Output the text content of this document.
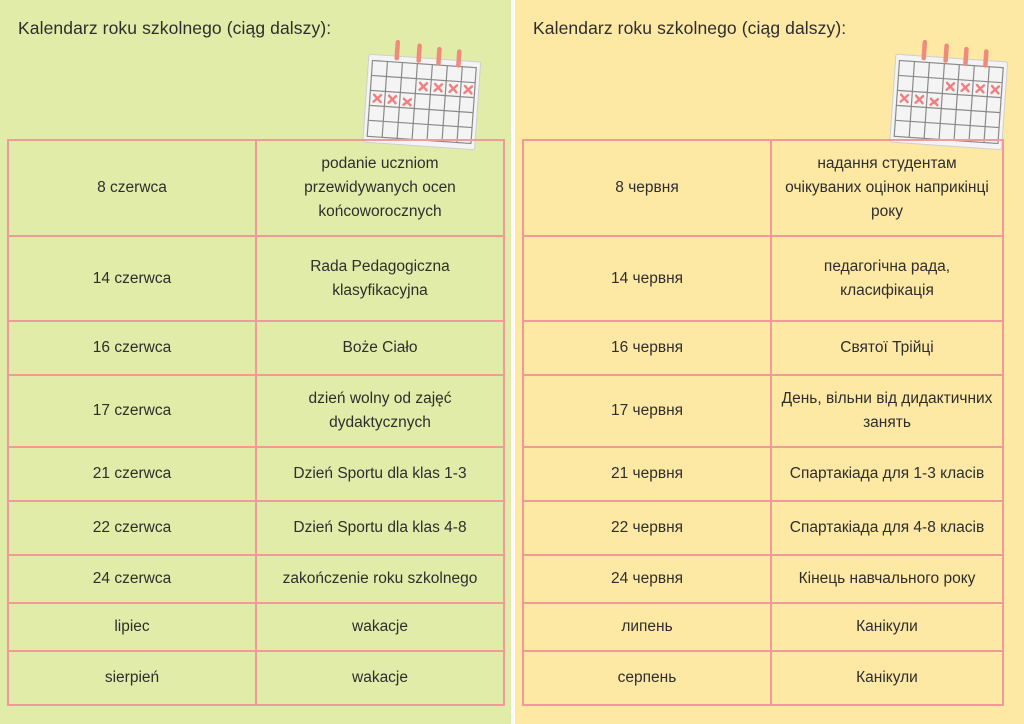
Kalendarz roku szkolnego (ciąg dalszy):
8 czerwca	podanie uczniom przewidywanych ocen końcoworocznych
14 czerwca	Rada Pedagogiczna klasyfikacyjna
16 czerwca	Boże Ciało
17 czerwca	dzień wolny od zajęć dydaktycznych
21 czerwca	Dzień Sportu dla klas 1-3
22 czerwca	Dzień Sportu dla klas 4-8
24 czerwca	zakończenie roku szkolnego
lipiec	wakacje
sierpień	wakacje
Kalendarz roku szkolnego (ciąg dalszy):
8 червня	надання студентам очікуваних оцінок наприкінці року
14 червня	педагогічна рада, класифікація
16 червня	Святої Трійці
17 червня	День, вільни від дидактичних занять
21 червня	Спартакіада для 1-3 класів
22 червня	Спартакіада для 4-8 класів
24 червня	Кінець навчального року
липень	Канікули
серпень	Канікули
